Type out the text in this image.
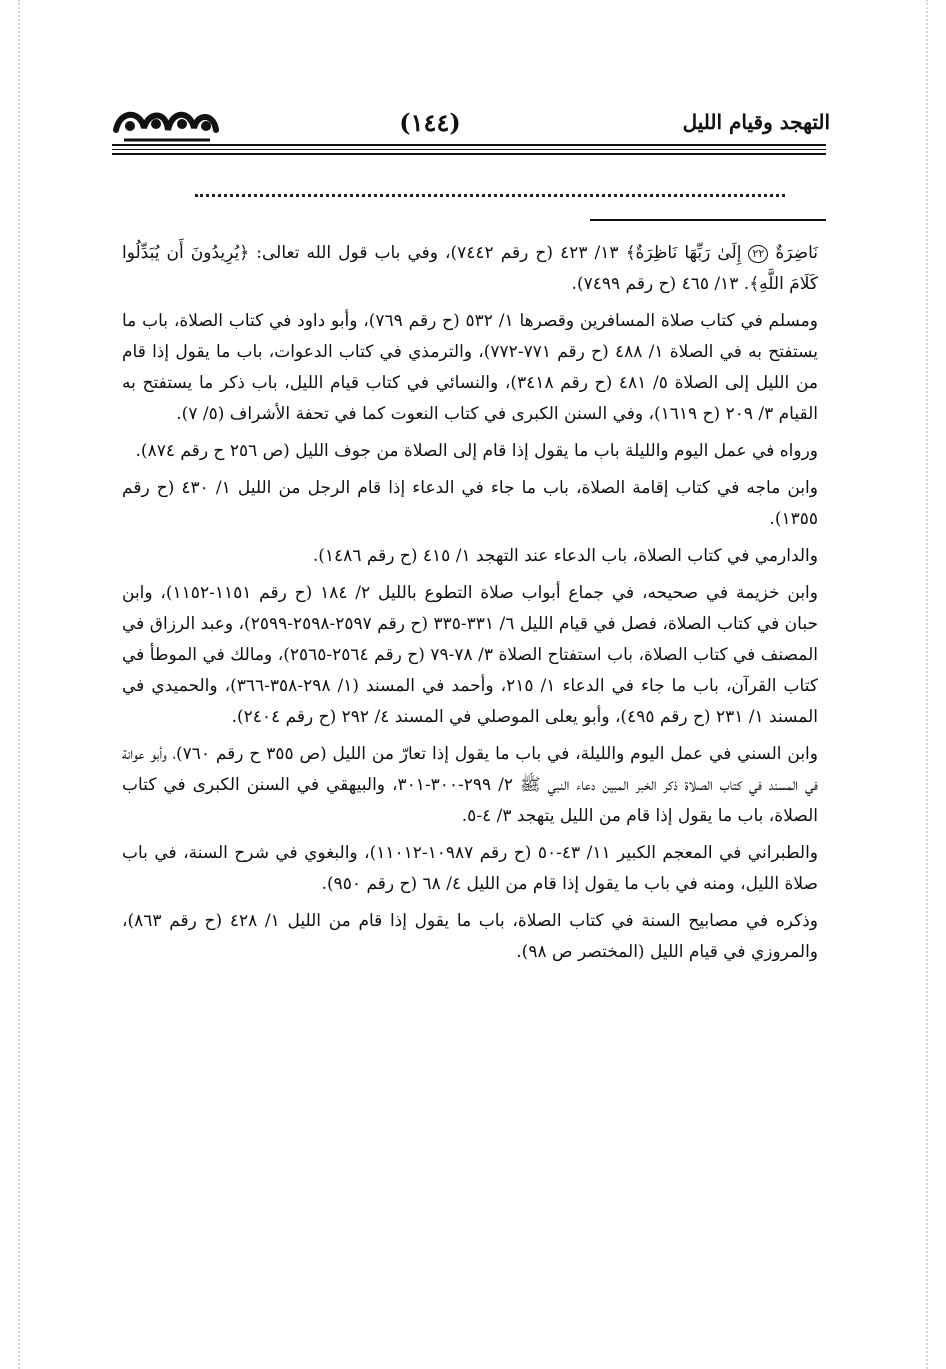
(١٤٤)	التهجد وقيام الليل

نَاضِرَةٌ ٢٢ إِلَىٰ رَبِّهَا نَاظِرَةٌ﴾ ١٣/ ٤٢٣ (ح رقم ٧٤٤٢)، وفي باب قول الله تعالى: ﴿يُرِيدُونَ أَن يُبَدِّلُوا كَلَامَ اللَّهِ﴾. ١٣/ ٤٦٥ (ح رقم ٧٤٩٩).

ومسلم في كتاب صلاة المسافرين وقصرها ١/ ٥٣٢ (ح رقم ٧٦٩)، وأبو داود في كتاب الصلاة، باب ما يستفتح به في الصلاة ١/ ٤٨٨ (ح رقم ٧٧١-٧٧٢)، والترمذي في كتاب الدعوات، باب ما يقول إذا قام من الليل إلى الصلاة ٥/ ٤٨١ (ح رقم ٣٤١٨)، والنسائي في كتاب قيام الليل، باب ذكر ما يستفتح به القيام ٣/ ٢٠٩ (ح ١٦١٩)، وفي السنن الكبرى في كتاب النعوت كما في تحفة الأشراف (٥/ ٧).

ورواه في عمل اليوم والليلة باب ما يقول إذا قام إلى الصلاة من جوف الليل (ص ٢٥٦ ح رقم ٨٧٤).

وابن ماجه في كتاب إقامة الصلاة، باب ما جاء في الدعاء إذا قام الرجل من الليل ١/ ٤٣٠ (ح رقم ١٣٥٥).

والدارمي في كتاب الصلاة، باب الدعاء عند التهجد ١/ ٤١٥ (ح رقم ١٤٨٦).

وابن خزيمة في صحيحه، في جماع أبواب صلاة التطوع بالليل ٢/ ١٨٤ (ح رقم ١١٥١-١١٥٢)، وابن حبان في كتاب الصلاة، فصل في قيام الليل ٦/ ٣٣١-٣٣٥ (ح رقم ٢٥٩٧-٢٥٩٨-٢٥٩٩)، وعبد الرزاق في المصنف في كتاب الصلاة، باب استفتاح الصلاة ٣/ ٧٨-٧٩ (ح رقم ٢٥٦٤-٢٥٦٥)، ومالك في الموطأ في كتاب القرآن، باب ما جاء في الدعاء ١/ ٢١٥، وأحمد في المسند (١/ ٢٩٨-٣٥٨-٣٦٦)، والحميدي في المسند ١/ ٢٣١ (ح رقم ٤٩٥)، وأبو يعلى الموصلي في المسند ٤/ ٢٩٢ (ح رقم ٢٤٠٤).

وابن السني في عمل اليوم والليلة، في باب ما يقول إذا تعارّ من الليل (ص ٣٥٥ ح رقم ٧٦٠)، وأبو عوانة في المسند في كتاب الصلاة ذكر الخبر المبين دعاء النبي ﷺ ٢/ ٢٩٩-٣٠٠-٣٠١، والبيهقي في السنن الكبرى في كتاب الصلاة، باب ما يقول إذا قام من الليل يتهجد ٣/ ٤-٥.

والطبراني في المعجم الكبير ١١/ ٤٣-٥٠ (ح رقم ١٠٩٨٧-١١٠١٢)، والبغوي في شرح السنة، في باب صلاة الليل، ومنه في باب ما يقول إذا قام من الليل ٤/ ٦٨ (ح رقم ٩٥٠).

وذكره في مصابيح السنة في كتاب الصلاة، باب ما يقول إذا قام من الليل ١/ ٤٢٨ (ح رقم ٨٦٣)، والمروزي في قيام الليل (المختصر ص ٩٨).
